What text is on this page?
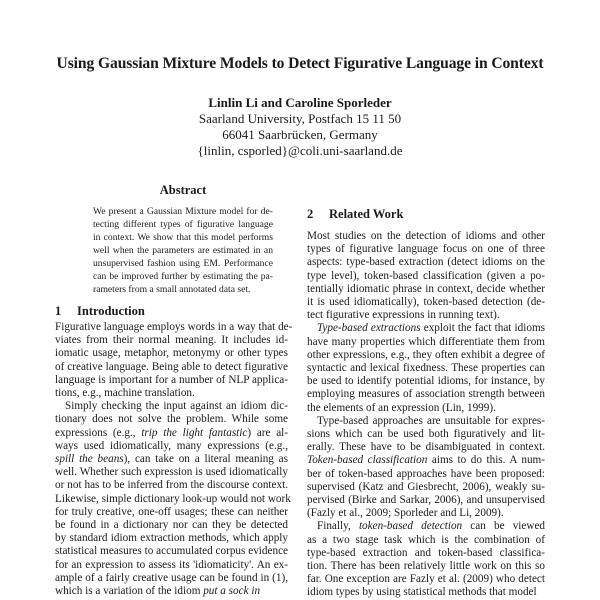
Using Gaussian Mixture Models to Detect Figurative Language in Context
Linlin Li and Caroline Sporleder
Saarland University, Postfach 15 11 50
66041 Saarbrücken, Germany
{linlin, csporled}@coli.uni-saarland.de
Abstract
We present a Gaussian Mixture model for de-
tecting different types of figurative language
in context. We show that this model performs
well when the parameters are estimated in an
unsupervised fashion using EM. Performance
can be improved further by estimating the pa-
rameters from a small annotated data set.
1 Introduction
Figurative language employs words in a way that de-
viates from their normal meaning. It includes id-
iomatic usage, metaphor, metonymy or other types
of creative language. Being able to detect figurative
language is important for a number of NLP applica-
tions, e.g., machine translation.
Simply checking the input against an idiom dic-
tionary does not solve the problem. While some
expressions (e.g., trip the light fantastic) are al-
ways used idiomatically, many expressions (e.g.,
spill the beans), can take on a literal meaning as
well. Whether such expression is used idiomatically
or not has to be inferred from the discourse context.
Likewise, simple dictionary look-up would not work
for truly creative, one-off usages; these can neither
be found in a dictionary nor can they be detected
by standard idiom extraction methods, which apply
statistical measures to accumulated corpus evidence
for an expression to assess its 'idiomaticity'. An ex-
ample of a fairly creative usage can be found in (1),
which is a variation of the idiom put a sock in
2 Related Work
Most studies on the detection of idioms and other
types of figurative language focus on one of three
aspects: type-based extraction (detect idioms on the
type level), token-based classification (given a po-
tentially idiomatic phrase in context, decide whether
it is used idiomatically), token-based detection (de-
tect figurative expressions in running text).
Type-based extractions exploit the fact that idioms
have many properties which differentiate them from
other expressions, e.g., they often exhibit a degree of
syntactic and lexical fixedness. These properties can
be used to identify potential idioms, for instance, by
employing measures of association strength between
the elements of an expression (Lin, 1999).
Type-based approaches are unsuitable for expres-
sions which can be used both figuratively and lit-
erally. These have to be disambiguated in context.
Token-based classification aims to do this. A num-
ber of token-based approaches have been proposed:
supervised (Katz and Giesbrecht, 2006), weakly su-
pervised (Birke and Sarkar, 2006), and unsupervised
(Fazly et al., 2009; Sporleder and Li, 2009).
Finally, token-based detection can be viewed
as a two stage task which is the combination of
type-based extraction and token-based classifica-
tion. There has been relatively little work on this so
far. One exception are Fazly et al. (2009) who detect
idiom types by using statistical methods that model
